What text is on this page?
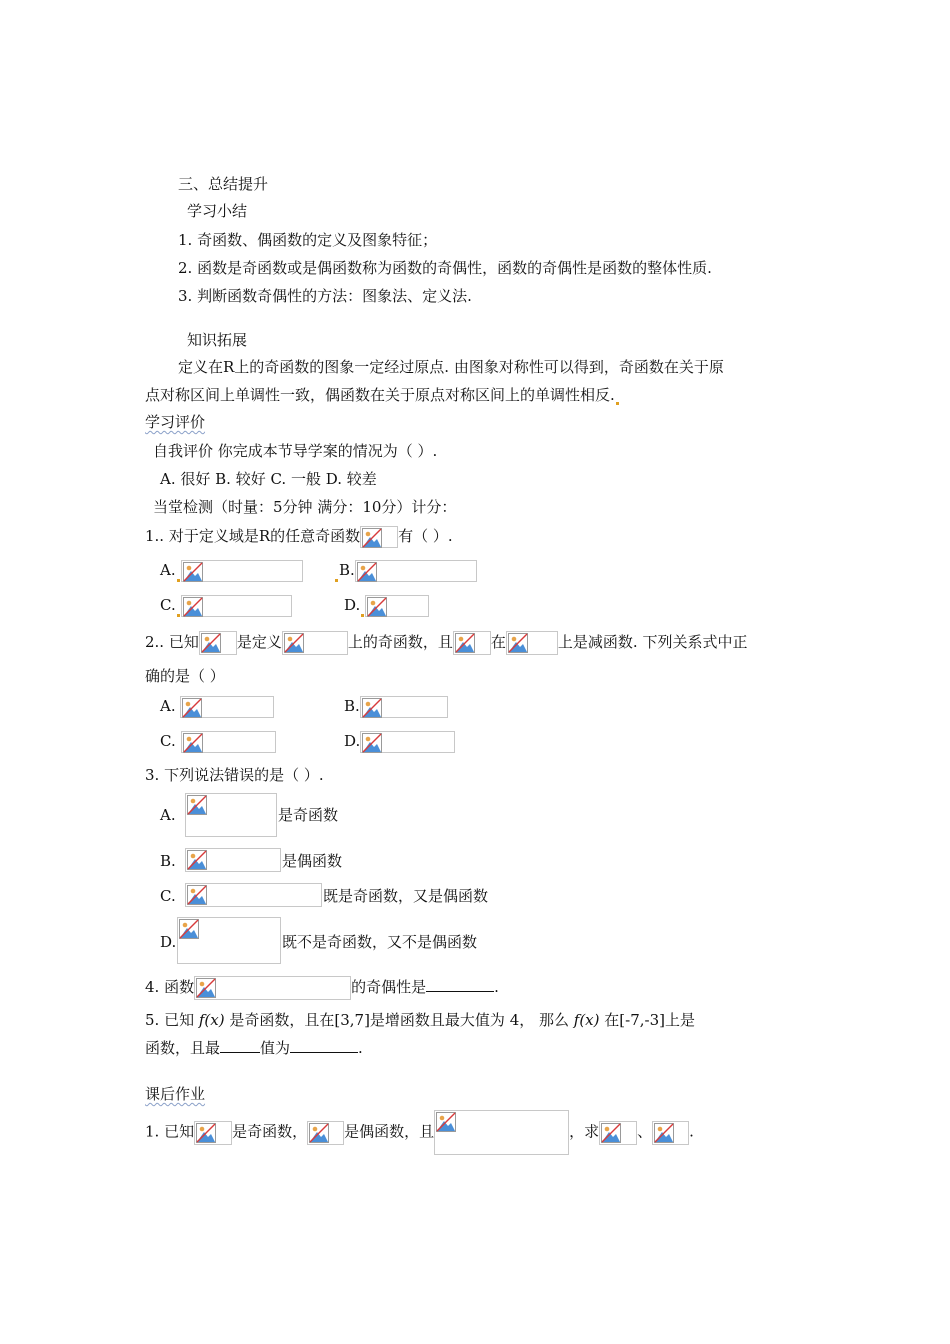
三、总结提升
学习小结
1. 奇函数、偶函数的定义及图象特征；
2. 函数是奇函数或是偶函数称为函数的奇偶性，函数的奇偶性是函数的整体性质.
3. 判断函数奇偶性的方法：图象法、定义法.
知识拓展
定义在R上的奇函数的图象一定经过原点. 由图象对称性可以得到，奇函数在关于原
点对称区间上单调性一致，偶函数在关于原点对称区间上的单调性相反.
学习评价
自我评价 你完成本节导学案的情况为（ ）.
A. 很好 B. 较好 C. 一般 D. 较差
当堂检测（时量：5分钟 满分：10分）计分：
1.. 对于定义域是R的任意奇函数	有（ ）.
A.	B.
C.	D.
2.. 已知	是定义	上的奇函数，且	在	上是减函数. 下列关系式中正
确的是（ ）
A.	B.
C.	D.
3. 下列说法错误的是（ ）.
A.	是奇函数
B.	是偶函数
C.	既是奇函数，又是偶函数
D.	既不是奇函数，又不是偶函数
4. 函数	的奇偶性是	.
5. 已知 f(x) 是奇函数，且在[3,7]是增函数且最大值为 4， 那么 f(x) 在[-7,-3]上是
函数，且最	值为	.
课后作业
1. 已知	是奇函数， 是偶函数，且	，求	、 .
